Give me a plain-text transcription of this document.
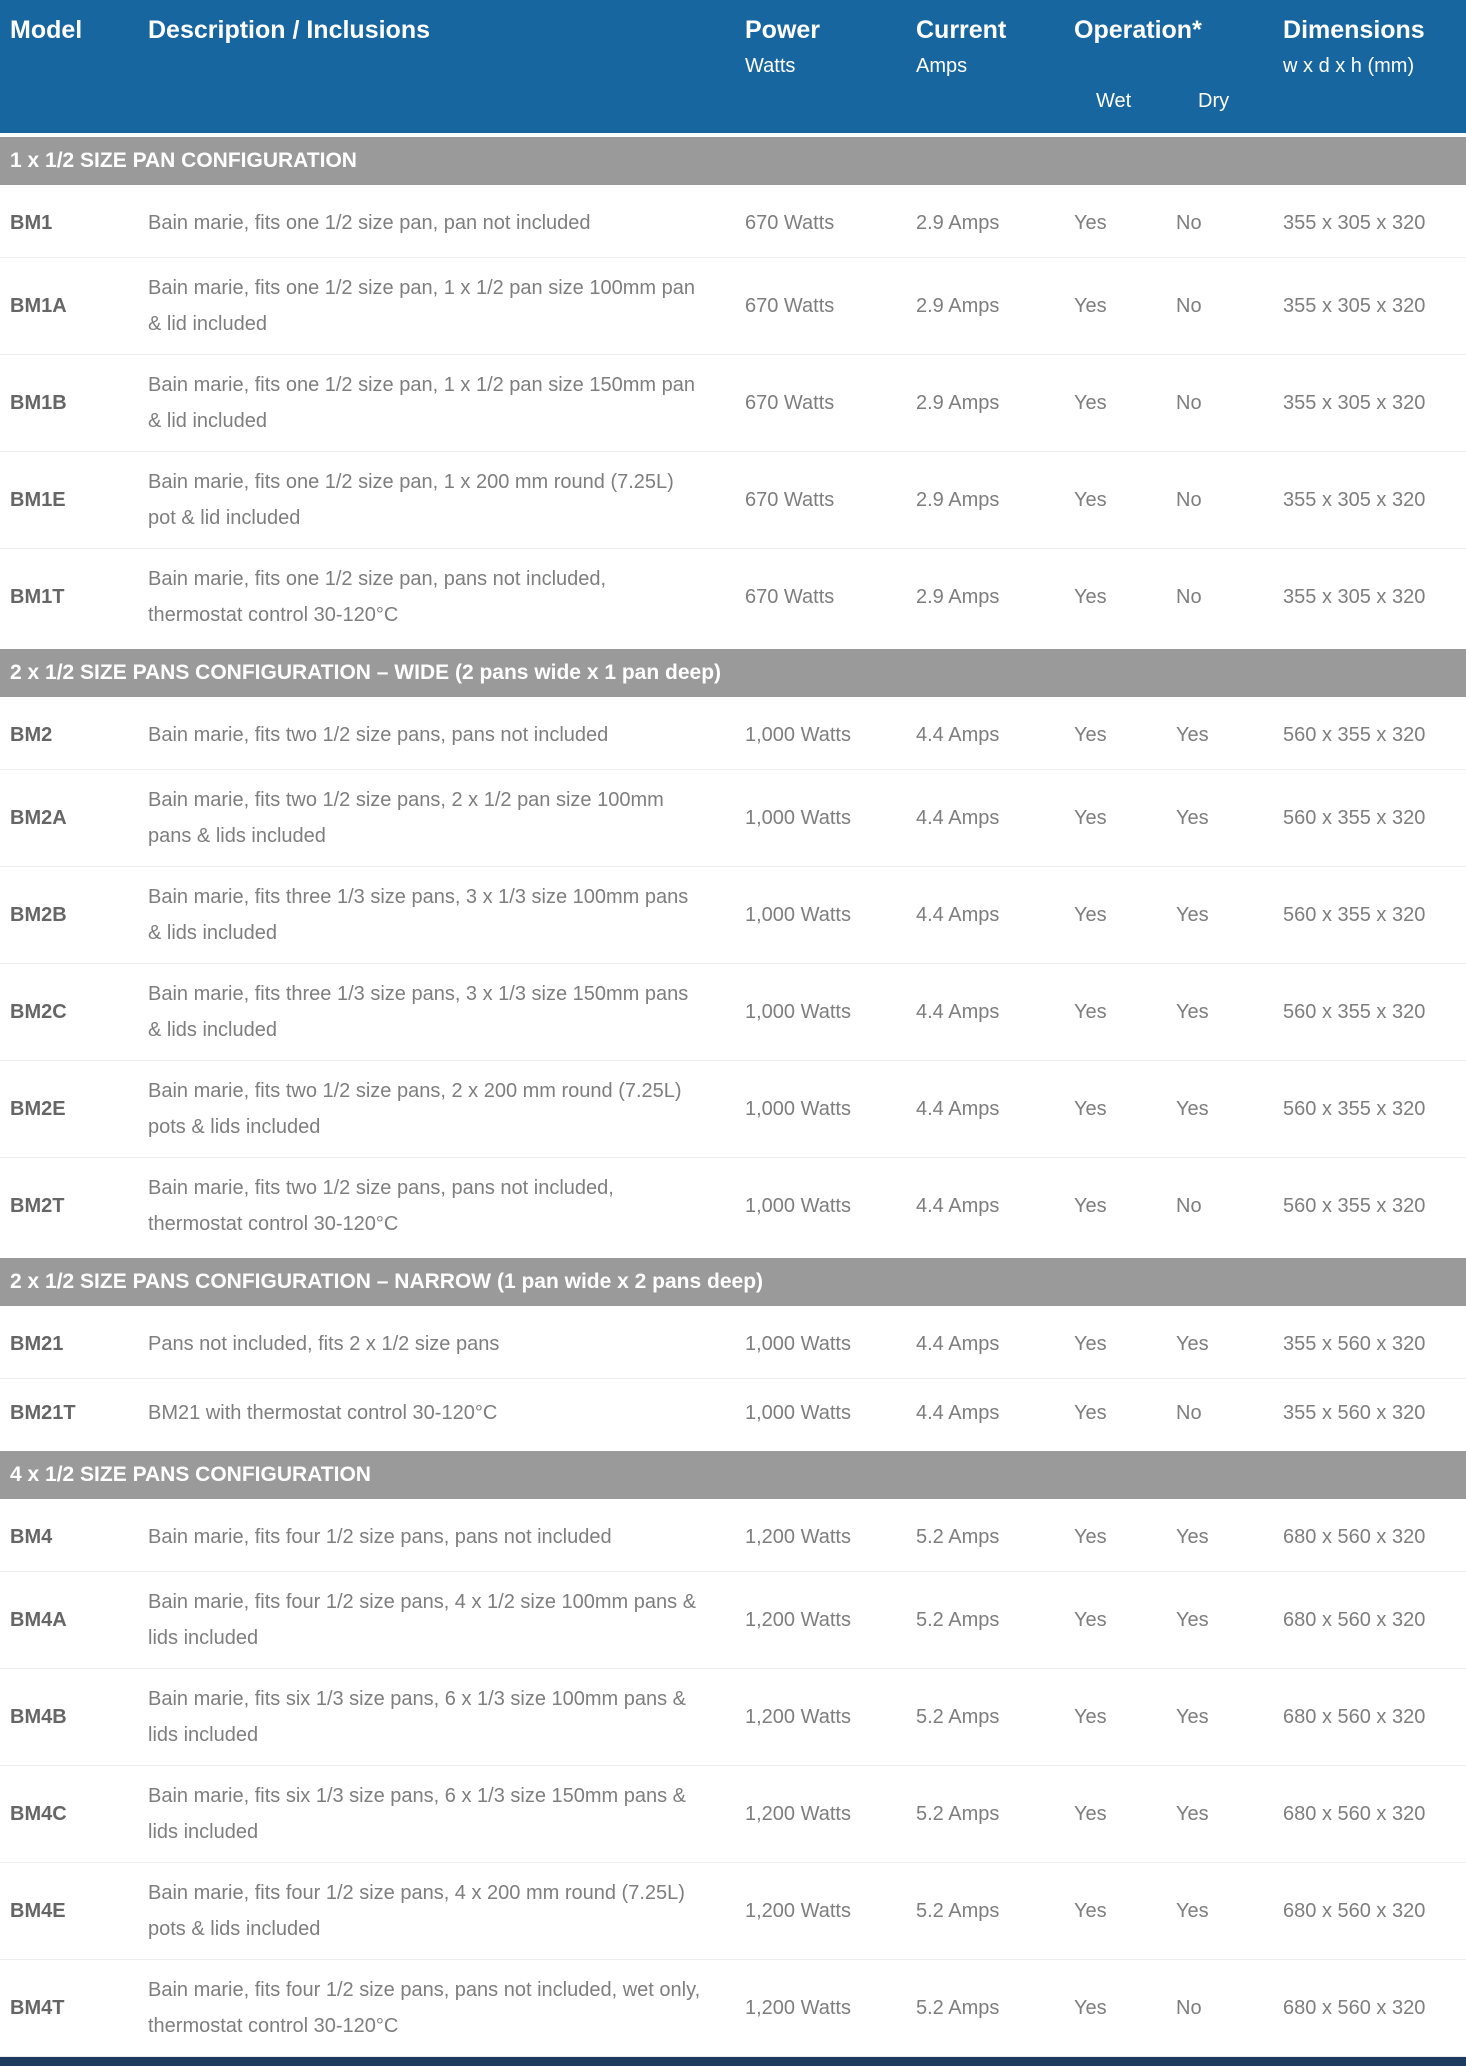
Model	Description / Inclusions	Power	Current	Operation*		Dimensions
		Watts	Amps			w x d x h (mm)
				Wet	Dry	
1 x 1/2 SIZE PAN CONFIGURATION						
BM1	Bain marie, fits one 1/2 size pan, pan not included	670 Watts	2.9 Amps	Yes	No	355 x 305 x 320
BM1A	Bain marie, fits one 1/2 size pan, 1 x 1/2 pan size 100mm pan & lid included	670 Watts	2.9 Amps	Yes	No	355 x 305 x 320
BM1B	Bain marie, fits one 1/2 size pan, 1 x 1/2 pan size 150mm pan & lid included	670 Watts	2.9 Amps	Yes	No	355 x 305 x 320
BM1E	Bain marie, fits one 1/2 size pan, 1 x 200 mm round (7.25L) pot & lid included	670 Watts	2.9 Amps	Yes	No	355 x 305 x 320
BM1T	Bain marie, fits one 1/2 size pan, pans not included, thermostat control 30-120°C	670 Watts	2.9 Amps	Yes	No	355 x 305 x 320
2 x 1/2 SIZE PANS CONFIGURATION – WIDE (2 pans wide x 1 pan deep)						
BM2	Bain marie, fits two 1/2 size pans, pans not included	1,000 Watts	4.4 Amps	Yes	Yes	560 x 355 x 320
BM2A	Bain marie, fits two 1/2 size pans, 2 x 1/2 pan size 100mm pans & lids included	1,000 Watts	4.4 Amps	Yes	Yes	560 x 355 x 320
BM2B	Bain marie, fits three 1/3 size pans, 3 x 1/3 size 100mm pans & lids included	1,000 Watts	4.4 Amps	Yes	Yes	560 x 355 x 320
BM2C	Bain marie, fits three 1/3 size pans, 3 x 1/3 size 150mm pans & lids included	1,000 Watts	4.4 Amps	Yes	Yes	560 x 355 x 320
BM2E	Bain marie, fits two 1/2 size pans, 2 x 200 mm round (7.25L) pots & lids included	1,000 Watts	4.4 Amps	Yes	Yes	560 x 355 x 320
BM2T	Bain marie, fits two 1/2 size pans, pans not included, thermostat control 30-120°C	1,000 Watts	4.4 Amps	Yes	No	560 x 355 x 320
2 x 1/2 SIZE PANS CONFIGURATION – NARROW (1 pan wide x 2 pans deep)						
BM21	Pans not included, fits 2 x 1/2 size pans	1,000 Watts	4.4 Amps	Yes	Yes	355 x 560 x 320
BM21T	BM21 with thermostat control 30-120°C	1,000 Watts	4.4 Amps	Yes	No	355 x 560 x 320
4 x 1/2 SIZE PANS CONFIGURATION						
BM4	Bain marie, fits four 1/2 size pans, pans not included	1,200 Watts	5.2 Amps	Yes	Yes	680 x 560 x 320
BM4A	Bain marie, fits four 1/2 size pans, 4 x 1/2 size 100mm pans & lids included	1,200 Watts	5.2 Amps	Yes	Yes	680 x 560 x 320
BM4B	Bain marie, fits six 1/3 size pans, 6 x 1/3 size 100mm pans & lids included	1,200 Watts	5.2 Amps	Yes	Yes	680 x 560 x 320
BM4C	Bain marie, fits six 1/3 size pans, 6 x 1/3 size 150mm pans & lids included	1,200 Watts	5.2 Amps	Yes	Yes	680 x 560 x 320
BM4E	Bain marie, fits four 1/2 size pans, 4 x 200 mm round (7.25L) pots & lids included	1,200 Watts	5.2 Amps	Yes	Yes	680 x 560 x 320
BM4T	Bain marie, fits four 1/2 size pans, pans not included, wet only, thermostat control 30-120°C	1,200 Watts	5.2 Amps	Yes	No	680 x 560 x 320
